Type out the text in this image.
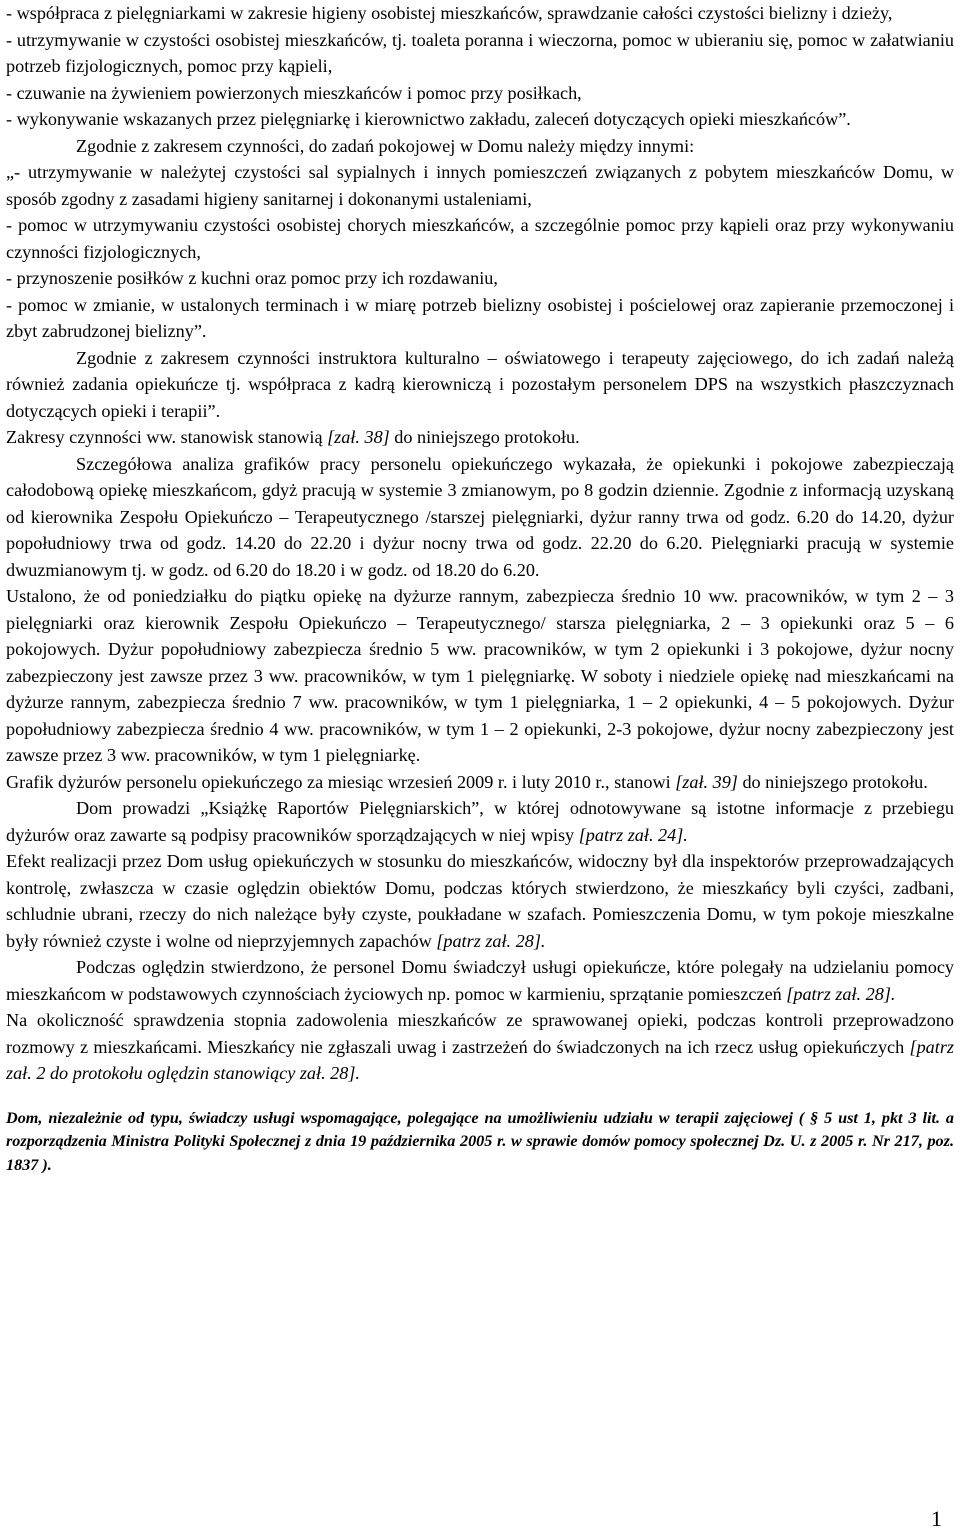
- współpraca z pielęgniarkami w zakresie higieny osobistej mieszkańców, sprawdzanie całości czystości bielizny i dzieży,

- utrzymywanie w czystości osobistej mieszkańców, tj. toaleta poranna i wieczorna, pomoc w ubieraniu się, pomoc w załatwianiu potrzeb fizjologicznych, pomoc przy kąpieli,

- czuwanie na żywieniem powierzonych mieszkańców i pomoc przy posiłkach,

- wykonywanie wskazanych przez pielęgniarkę i kierownictwo zakładu, zaleceń dotyczących opieki mieszkańców”.

Zgodnie z zakresem czynności, do zadań pokojowej w Domu należy między innymi:

„- utrzymywanie w należytej czystości sal sypialnych i innych pomieszczeń związanych z pobytem mieszkańców Domu, w sposób zgodny z zasadami higieny sanitarnej i dokonanymi ustaleniami,

- pomoc w utrzymywaniu czystości osobistej chorych mieszkańców, a szczególnie pomoc przy kąpieli oraz przy wykonywaniu czynności fizjologicznych,

- przynoszenie posiłków z kuchni oraz pomoc przy ich rozdawaniu,

- pomoc w zmianie, w ustalonych terminach i w miarę potrzeb bielizny osobistej i pościelowej oraz zapieranie przemoczonej i zbyt zabrudzonej bielizny”.

Zgodnie z zakresem czynności instruktora kulturalno – oświatowego i terapeuty zajęciowego, do ich zadań należą również zadania opiekuńcze tj. współpraca z kadrą kierowniczą i pozostałym personelem DPS na wszystkich płaszczyznach dotyczących opieki i terapii”.

Zakresy czynności ww. stanowisk stanowią [zał. 38] do niniejszego protokołu.

Szczegółowa analiza grafików pracy personelu opiekuńczego wykazała, że opiekunki i pokojowe zabezpieczają całodobową opiekę mieszkańcom, gdyż pracują w systemie 3 zmianowym, po 8 godzin dziennie. Zgodnie z informacją uzyskaną od kierownika Zespołu Opiekuńczo – Terapeutycznego /starszej pielęgniarki, dyżur ranny trwa od godz. 6.20 do 14.20, dyżur popołudniowy trwa od godz. 14.20 do 22.20 i dyżur nocny trwa od godz. 22.20 do 6.20. Pielęgniarki pracują w systemie dwuzmianowym tj. w godz. od 6.20 do 18.20 i w godz. od 18.20 do 6.20.

Ustalono, że od poniedziałku do piątku opiekę na dyżurze rannym, zabezpiecza średnio 10 ww. pracowników, w tym 2 – 3 pielęgniarki oraz kierownik Zespołu Opiekuńczo – Terapeutycznego/ starsza pielęgniarka, 2 – 3 opiekunki oraz 5 – 6 pokojowych. Dyżur popołudniowy zabezpiecza średnio 5 ww. pracowników, w tym 2 opiekunki i 3 pokojowe, dyżur nocny zabezpieczony jest zawsze przez 3 ww. pracowników, w tym 1 pielęgniarkę. W soboty i niedziele opiekę nad mieszkańcami na dyżurze rannym, zabezpiecza średnio 7 ww. pracowników, w tym 1 pielęgniarka, 1 – 2 opiekunki, 4 – 5 pokojowych. Dyżur popołudniowy zabezpiecza średnio 4 ww. pracowników, w tym 1 – 2 opiekunki, 2-3 pokojowe, dyżur nocny zabezpieczony jest zawsze przez 3 ww. pracowników, w tym 1 pielęgniarkę.

Grafik dyżurów personelu opiekuńczego za miesiąc wrzesień 2009 r. i luty 2010 r., stanowi [zał. 39] do niniejszego protokołu.

Dom prowadzi „Książkę Raportów Pielęgniarskich”, w której odnotowywane są istotne informacje z przebiegu dyżurów oraz zawarte są podpisy pracowników sporządzających w niej wpisy [patrz zał. 24].

Efekt realizacji przez Dom usług opiekuńczych w stosunku do mieszkańców, widoczny był dla inspektorów przeprowadzających kontrolę, zwłaszcza w czasie oględzin obiektów Domu, podczas których stwierdzono, że mieszkańcy byli czyści, zadbani, schludnie ubrani, rzeczy do nich należące były czyste, poukładane w szafach. Pomieszczenia Domu, w tym pokoje mieszkalne były również czyste i wolne od nieprzyjemnych zapachów [patrz zał. 28].

Podczas oględzin stwierdzono, że personel Domu świadczył usługi opiekuńcze, które polegały na udzielaniu pomocy mieszkańcom w podstawowych czynnościach życiowych np. pomoc w karmieniu, sprzątanie pomieszczeń [patrz zał. 28].

Na okoliczność sprawdzenia stopnia zadowolenia mieszkańców ze sprawowanej opieki, podczas kontroli przeprowadzono rozmowy z mieszkańcami. Mieszkańcy nie zgłaszali uwag i zastrzeżeń do świadczonych na ich rzecz usług opiekuńczych [patrz zał. 2 do protokołu oględzin stanowiący zał. 28].

Dom, niezależnie od typu, świadczy usługi wspomagające, polegające na umożliwieniu udziału w terapii zajęciowej ( § 5 ust 1, pkt 3 lit. a rozporządzenia Ministra Polityki Społecznej z dnia 19 października 2005 r. w sprawie domów pomocy społecznej Dz. U. z 2005 r. Nr 217, poz. 1837 ).

1
